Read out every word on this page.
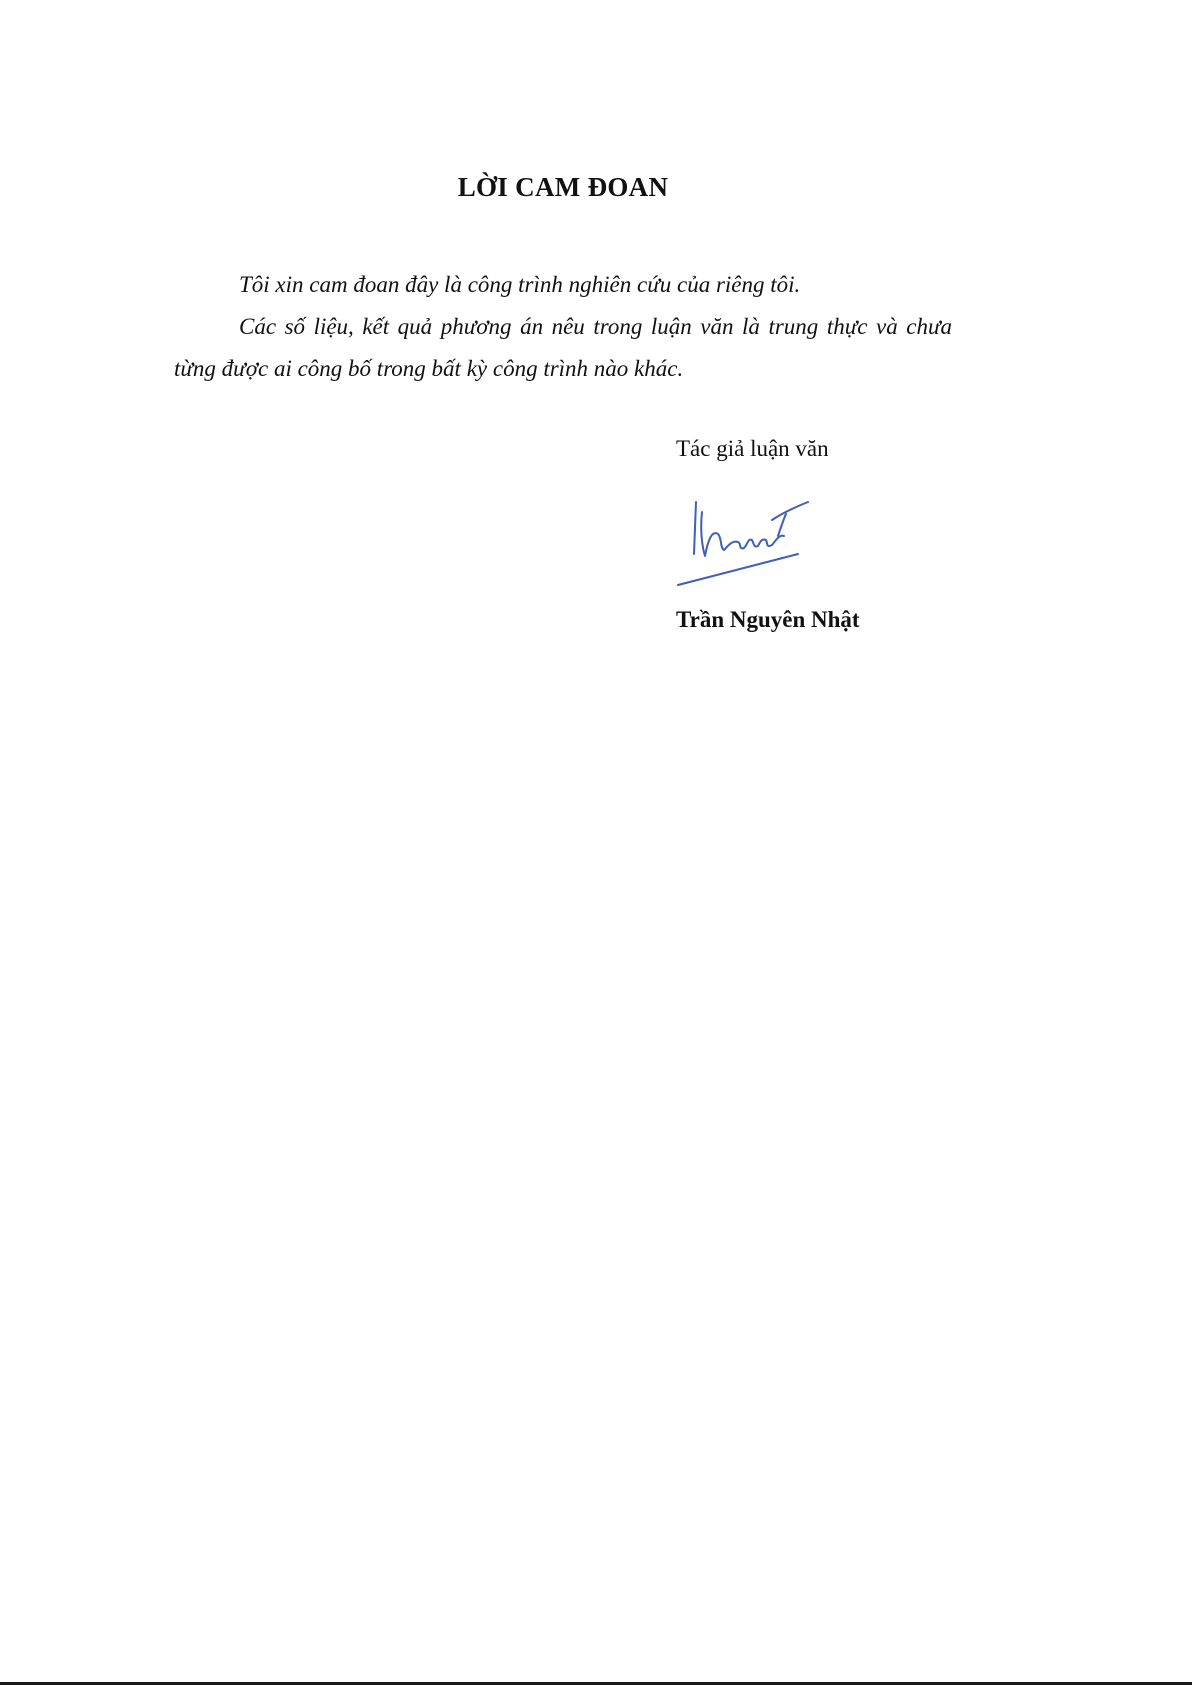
LỜI CAM ĐOAN

Tôi xin cam đoan đây là công trình nghiên cứu của riêng tôi.

Các số liệu, kết quả phương án nêu trong luận văn là trung thực và chưa từng được ai công bố trong bất kỳ công trình nào khác.

Tác giả luận văn
Trần Nguyên Nhật
